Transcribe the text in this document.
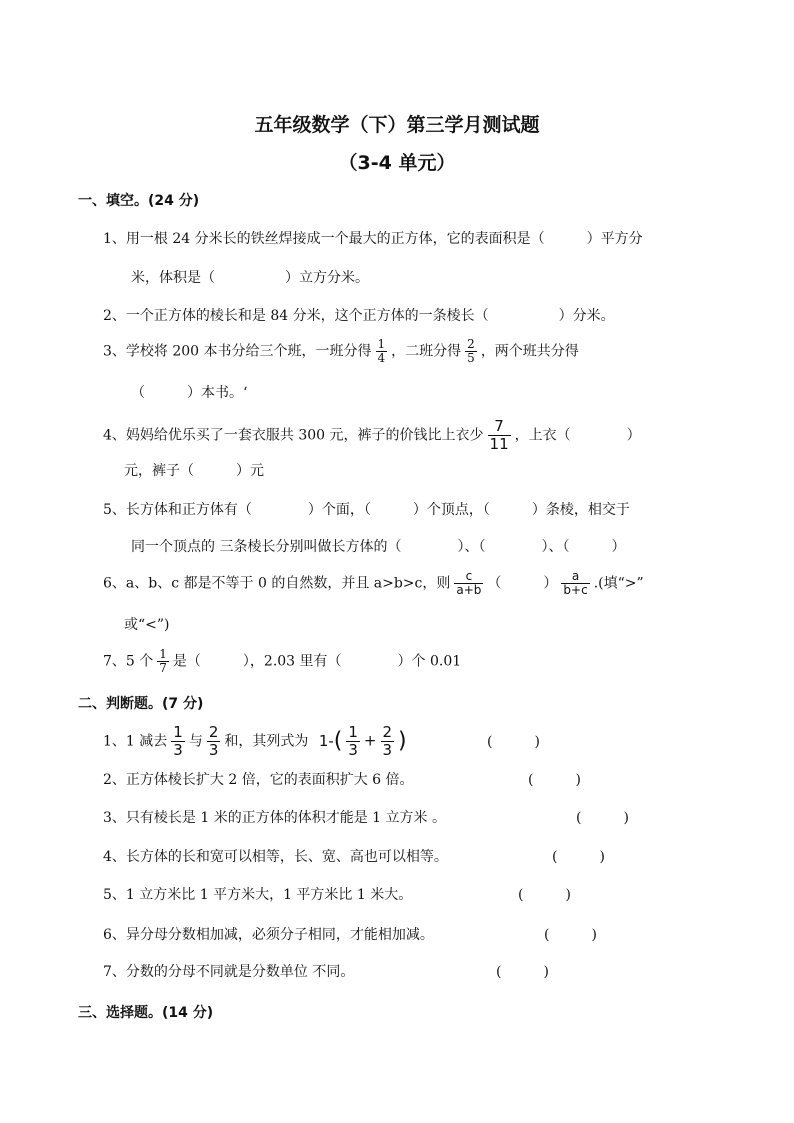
五年级数学（下）第三学月测试题
（3-4 单元）
一、填空。(24 分)
1、用一根 24 分米长的铁丝焊接成一个最大的正方体，它的表面积是（　　　）平方分
米，体积是（　　　　　）立方分米。
2、一个正方体的棱长和是 84 分米，这个正方体的一条棱长（　　　　　）分米。
3、学校将 200 本书分给三个班，一班分得 $\frac{1}{4}$ ，二班分得 $\frac{2}{5}$ ，两个班共分得
（　　　）本书。‘
4、妈妈给优乐买了一套衣服共 300 元，裤子的价钱比上衣少 $\frac{7}{11}$ ，上衣（　　　　）
元，裤子（　　　）元
5、长方体和正方体有（　　　　）个面，（　　　）个顶点，（　　　）条棱，相交于
同一个顶点的 三条棱长分别叫做长方体的（　　　　）、（　　　　）、（　　　）
6、a、b、c 都是不等于 0 的自然数，并且 a>b>c，则 $\frac{c}{a+b}$ （　　　） $\frac{a}{b+c}$ .(填“>”
或“<”)
7、5 个 $\frac{1}{7}$ 是（　　　），2.03 里有（　　　　）个 0.01
二、判断题。(7 分)
1、1 减去 $\frac{1}{3}$ 与 $\frac{2}{3}$ 和，其列式为 $1-( \frac{1}{3} + \frac{2}{3}$ )	(　　　)
2、正方体棱长扩大 2 倍，它的表面积扩大 6 倍。	(　　　)
3、只有棱长是 1 米的正方体的体积才能是 1 立方米 。	(　　　)
4、长方体的长和宽可以相等，长、宽、高也可以相等。	(　　　)
5、1 立方米比 1 平方米大，1 平方米比 1 米大。	(　　　)
6、异分母分数相加减，必须分子相同，才能相加减。	(　　　)
7、分数的分母不同就是分数单位 不同。	(　　　)
三、选择题。(14 分)
